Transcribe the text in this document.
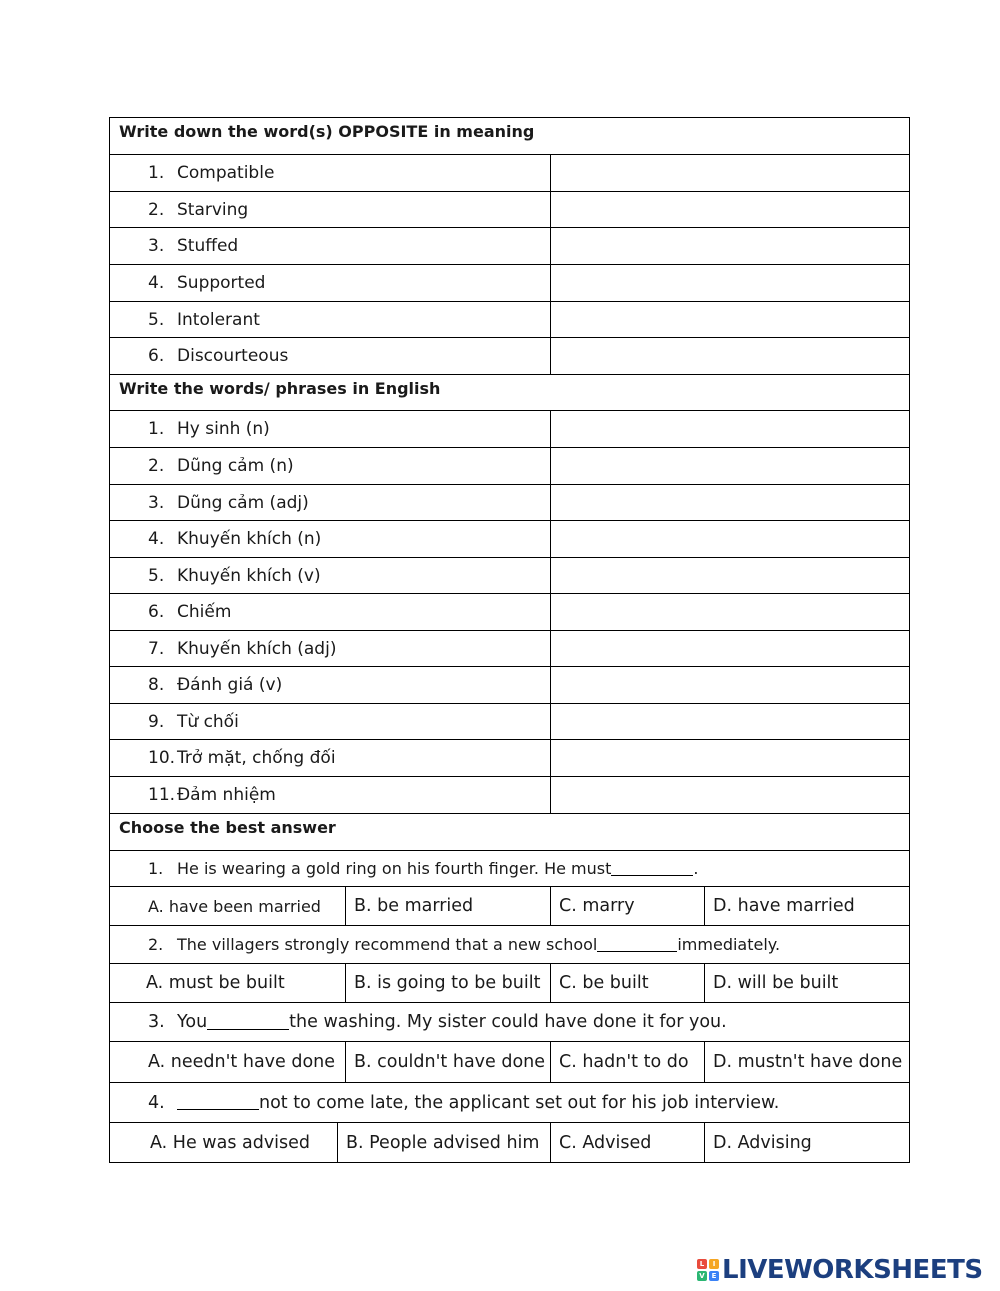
Write down the word(s) OPPOSITE in meaning
1. Compatible
2. Starving
3. Stuffed
4. Supported
5. Intolerant
6. Discourteous
Write the words/ phrases in English
1. Hy sinh (n)
2. Dũng cảm (n)
3. Dũng cảm (adj)
4. Khuyến khích (n)
5. Khuyến khích (v)
6. Chiếm
7. Khuyến khích (adj)
8. Đánh giá (v)
9. Từ chối
10. Trở mặt, chống đối
11. Đảm nhiệm
Choose the best answer
1. He is wearing a gold ring on his fourth finger. He must	.
A. have been married	B. be married	C. marry	D. have married
2. The villagers strongly recommend that a new school	immediately.
A. must be built	B. is going to be built	C. be built	D. will be built
3. You	the washing. My sister could have done it for you.
A. needn't have done	B. couldn't have done C. hadn't to do	D. mustn't have done
4.	not to come late, the applicant set out for his job interview.
A. He was advised	B. People advised him	C. Advised	D. Advising
L	I
V E LIVEWORKSHEETS
